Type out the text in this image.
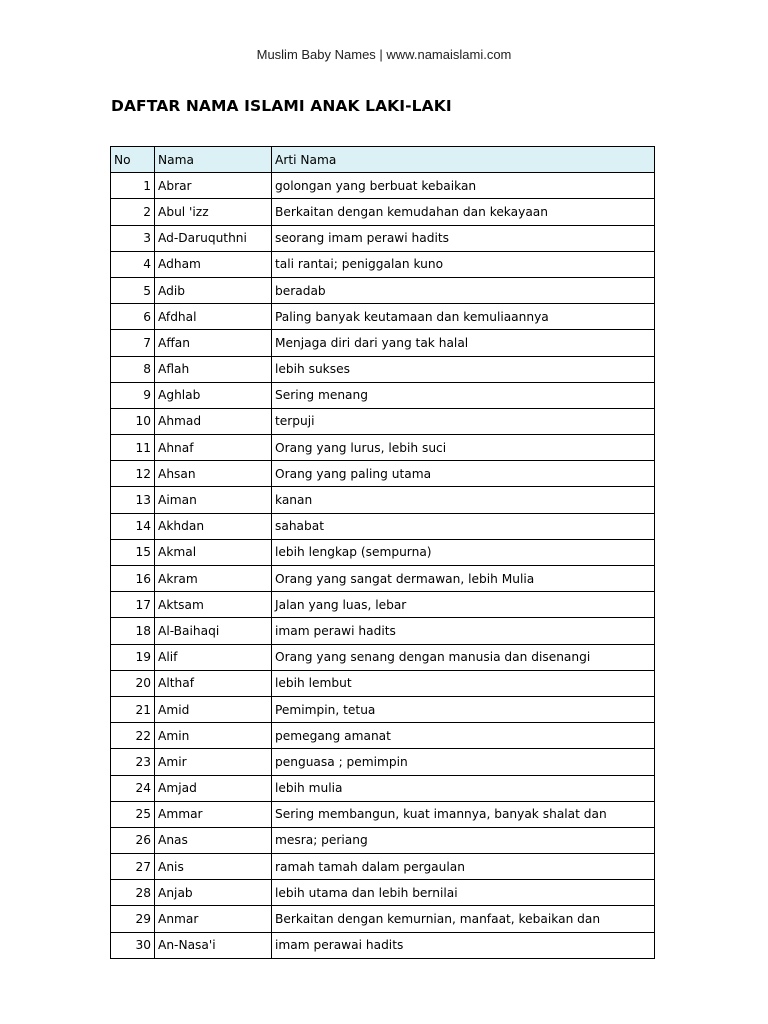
Muslim Baby Names | www.namaislami.com
DAFTAR NAMA ISLAMI ANAK LAKI-LAKI
No	Nama	Arti Nama
1	Abrar	golongan yang berbuat kebaikan
2	Abul 'izz	Berkaitan dengan kemudahan dan kekayaan
3	Ad-Daruquthni	seorang imam perawi hadits
4	Adham	tali rantai; peniggalan kuno
5	Adib	beradab
6	Afdhal	Paling banyak keutamaan dan kemuliaannya
7	Affan	Menjaga diri dari yang tak halal
8	Aflah	lebih sukses
9	Aghlab	Sering menang
10	Ahmad	terpuji
11	Ahnaf	Orang yang lurus, lebih suci
12	Ahsan	Orang yang paling utama
13	Aiman	kanan
14	Akhdan	sahabat
15	Akmal	lebih lengkap (sempurna)
16	Akram	Orang yang sangat dermawan, lebih Mulia
17	Aktsam	Jalan yang luas, lebar
18	Al-Baihaqi	imam perawi hadits
19	Alif	Orang yang senang dengan manusia dan disenangi
20	Althaf	lebih lembut
21	Amid	Pemimpin, tetua
22	Amin	pemegang amanat
23	Amir	penguasa ; pemimpin
24	Amjad	lebih mulia
25	Ammar	Sering membangun, kuat imannya, banyak shalat dan
26	Anas	mesra; periang
27	Anis	ramah tamah dalam pergaulan
28	Anjab	lebih utama dan lebih bernilai
29	Anmar	Berkaitan dengan kemurnian, manfaat, kebaikan dan
30	An-Nasa'i	imam perawai hadits
